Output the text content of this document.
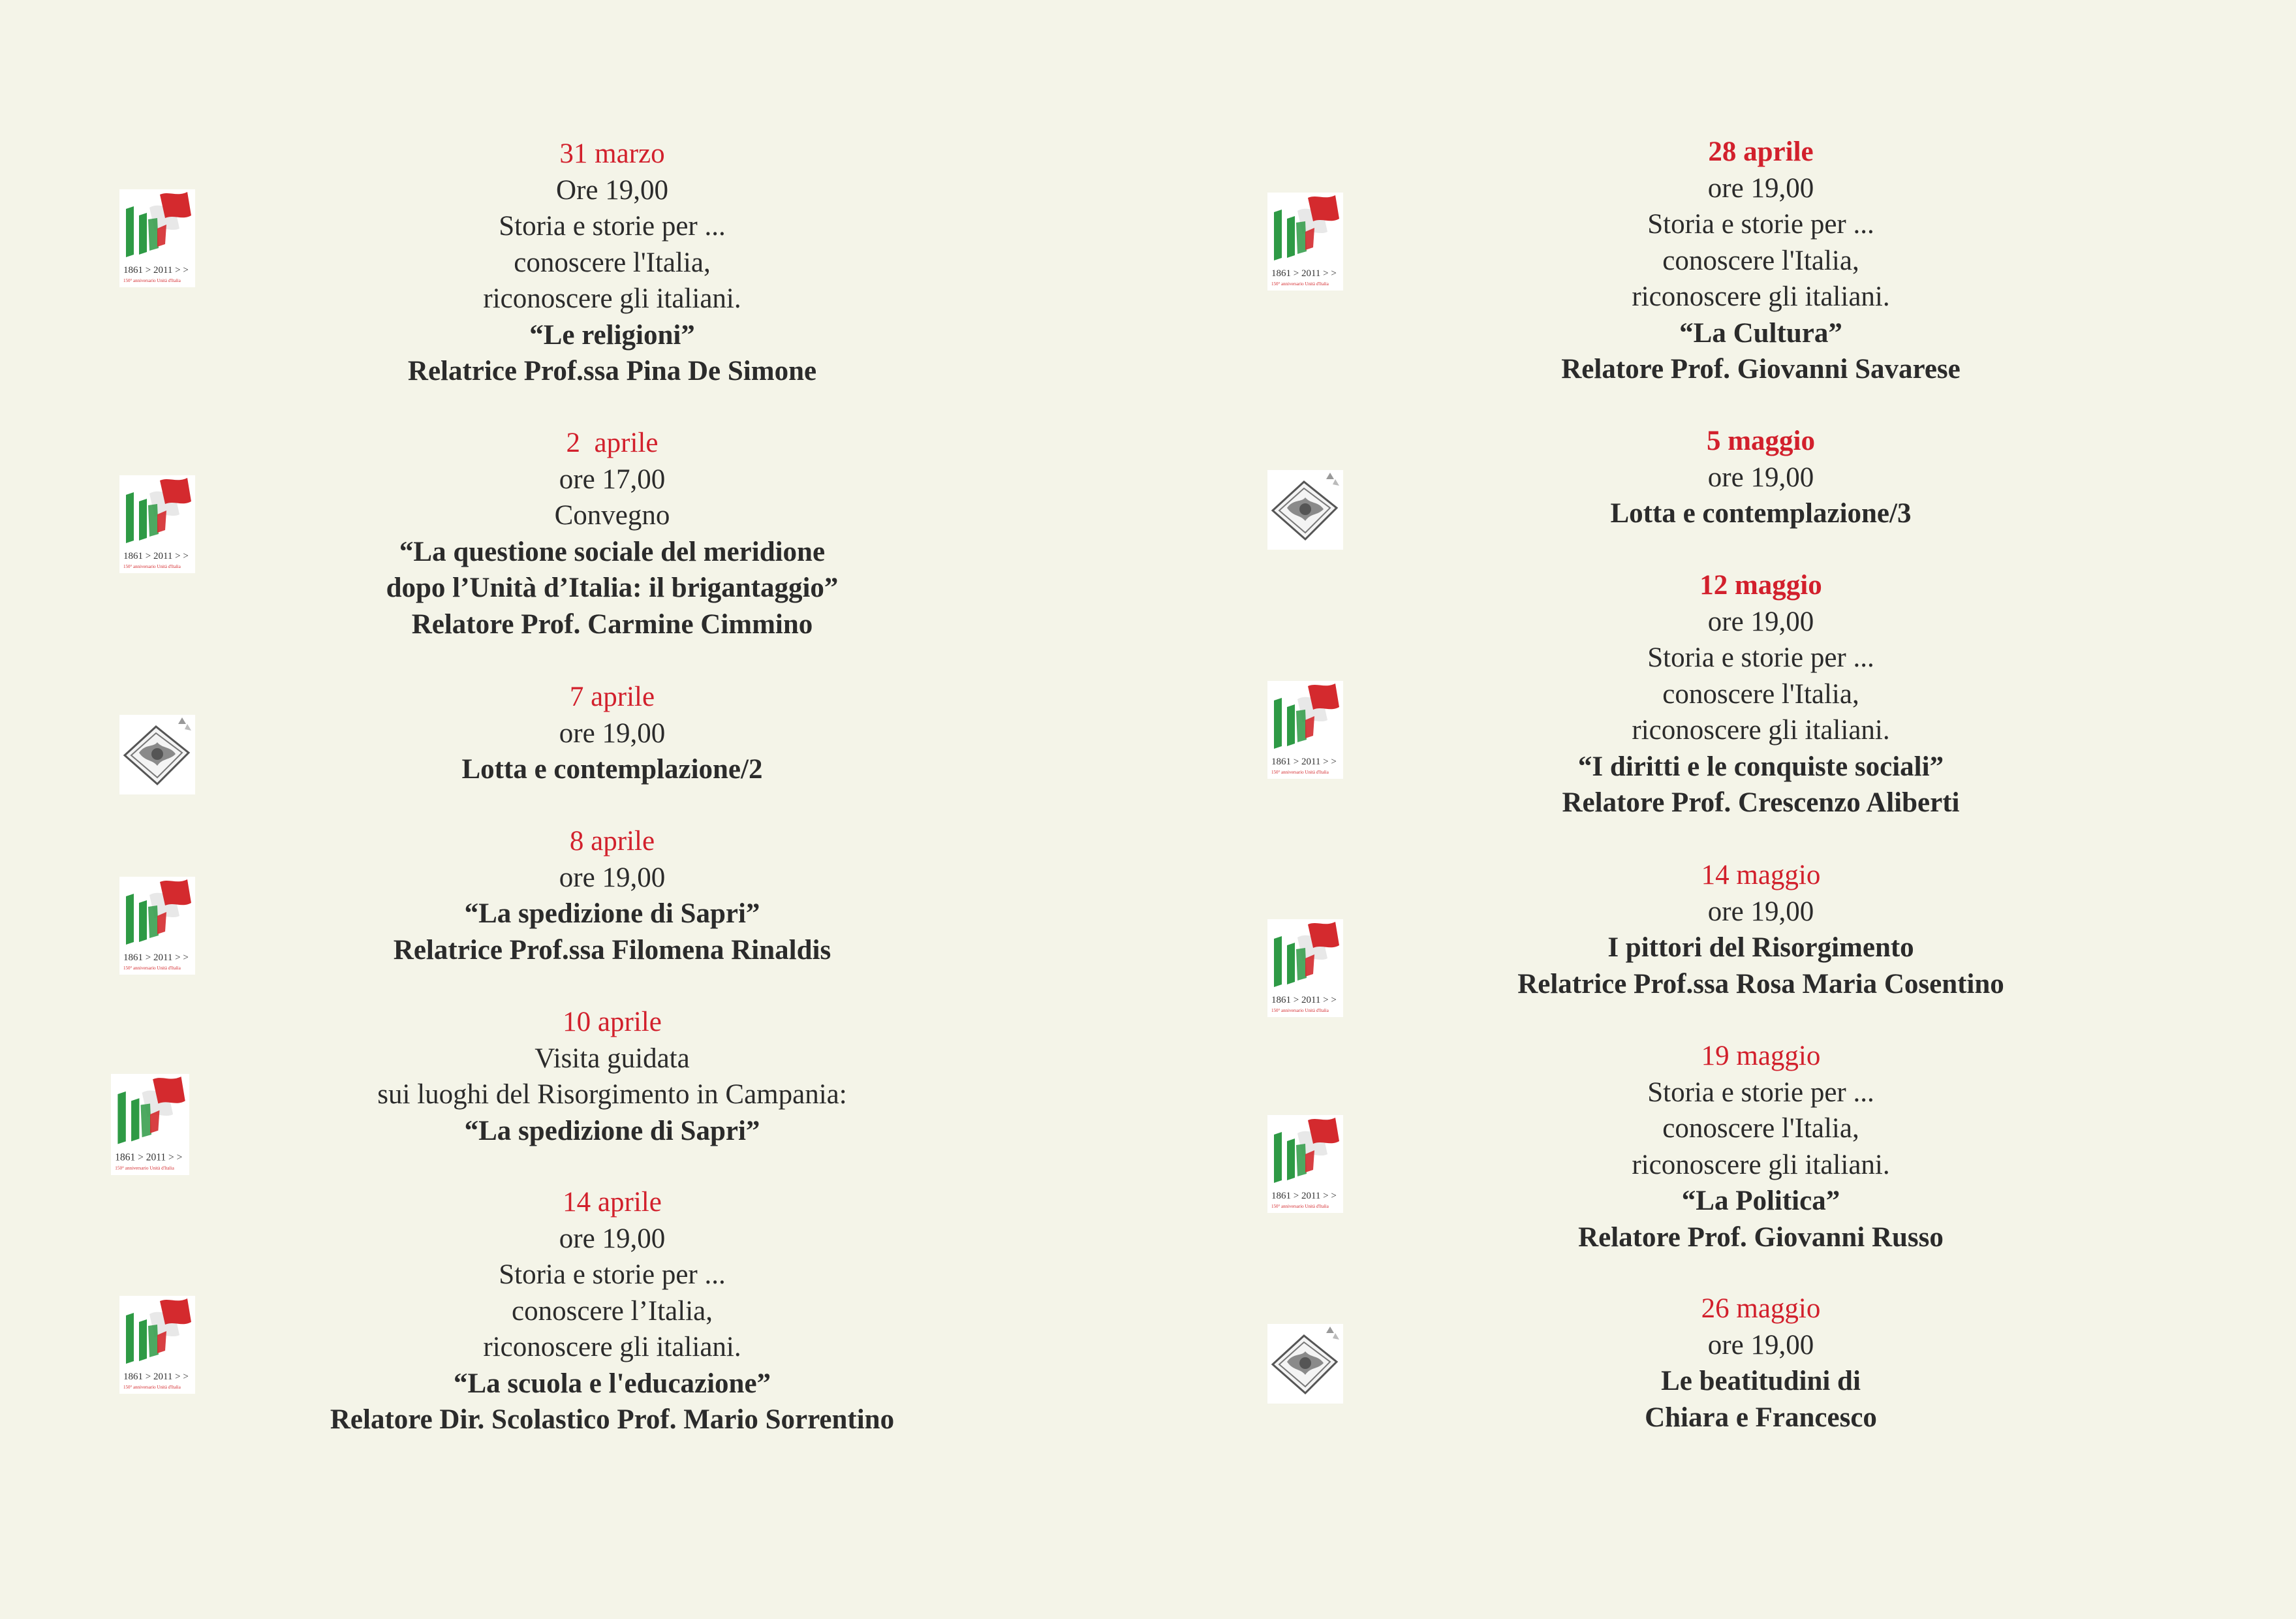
31 marzo
Ore 19,00
Storia e storie per ...
conoscere l'Italia,
riconoscere gli italiani.
“Le religioni”
Relatrice Prof.ssa Pina De Simone
2  aprile
ore 17,00
Convegno
“La questione sociale del meridione
dopo l’Unità d’Italia: il brigantaggio”
Relatore Prof. Carmine Cimmino
7 aprile
ore 19,00
Lotta e contemplazione/2
8 aprile
ore 19,00
“La spedizione di Sapri”
Relatrice Prof.ssa Filomena Rinaldis
10 aprile
Visita guidata
sui luoghi del Risorgimento in Campania:
“La spedizione di Sapri”
14 aprile
ore 19,00
Storia e storie per ...
conoscere l’Italia,
riconoscere gli italiani.
“La scuola e l'educazione”
Relatore Dir. Scolastico Prof. Mario Sorrentino
28 aprile
ore 19,00
Storia e storie per ...
conoscere l'Italia,
riconoscere gli italiani.
“La Cultura”
Relatore Prof. Giovanni Savarese
5 maggio
ore 19,00
Lotta e contemplazione/3
12 maggio
ore 19,00
Storia e storie per ...
conoscere l'Italia,
riconoscere gli italiani.
“I diritti e le conquiste sociali”
Relatore Prof. Crescenzo Aliberti
14 maggio
ore 19,00
I pittori del Risorgimento
Relatrice Prof.ssa Rosa Maria Cosentino
19 maggio
Storia e storie per ...
conoscere l'Italia,
riconoscere gli italiani.
“La Politica”
Relatore Prof. Giovanni Russo
26 maggio
ore 19,00
Le beatitudini di
Chiara e Francesco
1861 > 2011 > >
150° anniversario Unità d'Italia
1861 > 2011 > >
150° anniversario Unità d'Italia
1861 > 2011 > >
150° anniversario Unità d'Italia
1861 > 2011 > >
150° anniversario Unità d'Italia
1861 > 2011 > >
150° anniversario Unità d'Italia
1861 > 2011 > >
150° anniversario Unità d'Italia
1861 > 2011 > >
150° anniversario Unità d'Italia
1861 > 2011 > >
150° anniversario Unità d'Italia
1861 > 2011 > >
150° anniversario Unità d'Italia
